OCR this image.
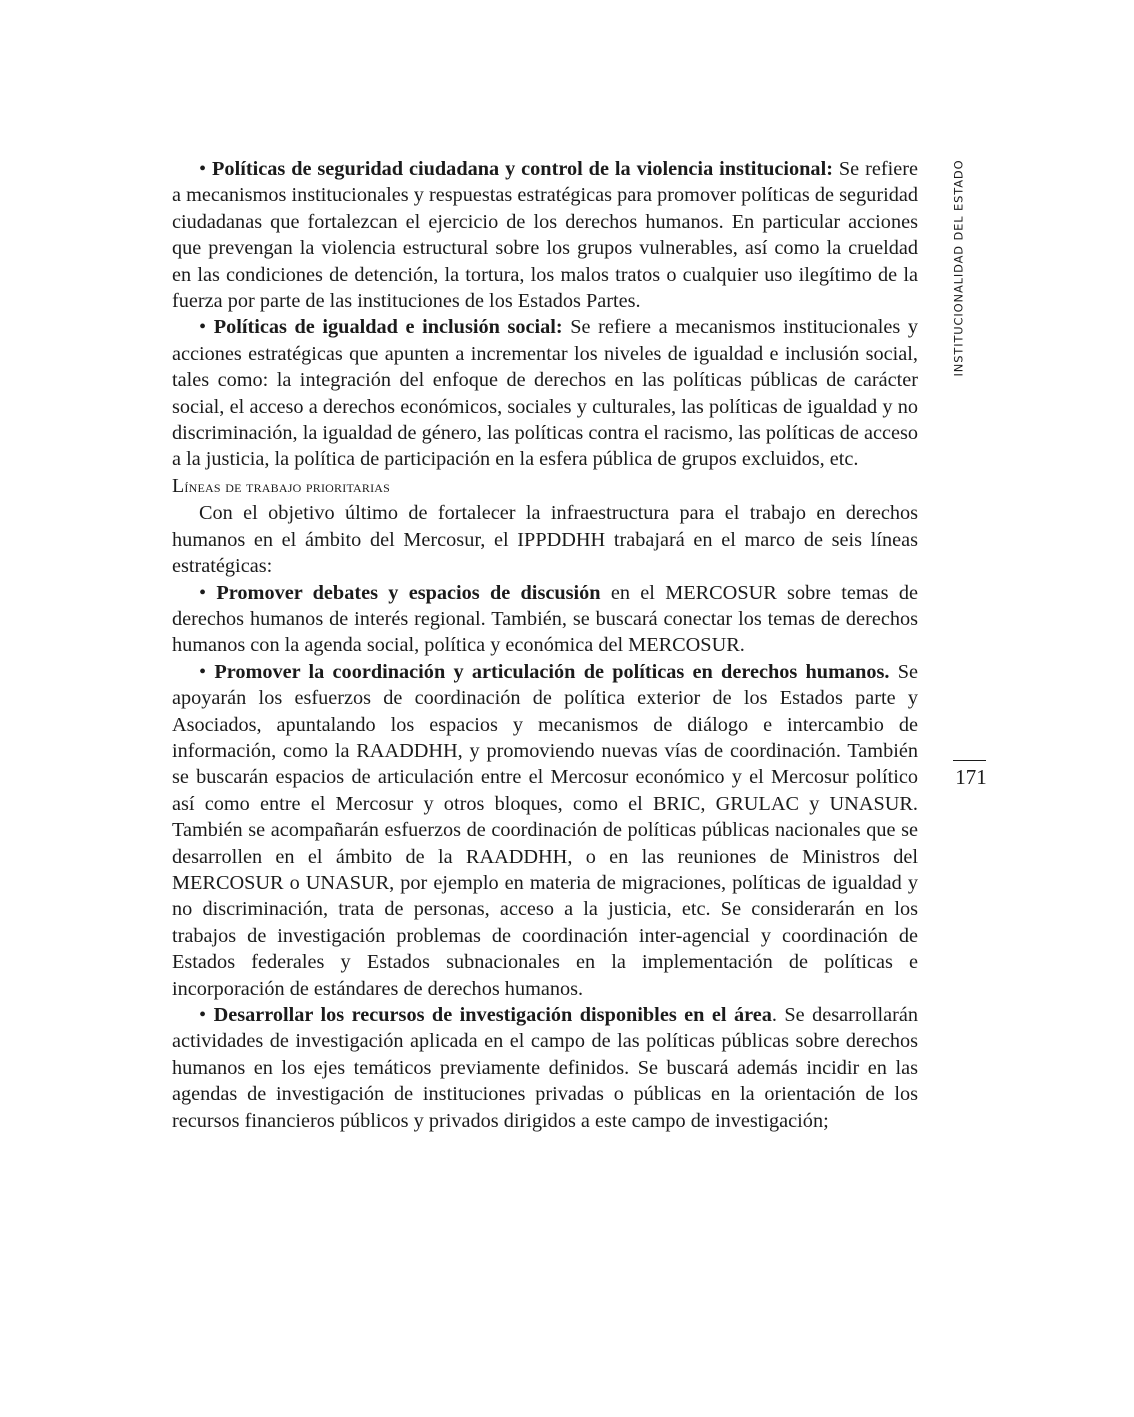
INSTITUCIONALIDAD DEL ESTADO
171

• Políticas de seguridad ciudadana y control de la violencia institucional: Se refiere a mecanismos institucionales y respuestas estratégicas para promover políticas de seguridad ciudadanas que fortalezcan el ejercicio de los derechos humanos. En particular acciones que prevengan la violencia estructural sobre los grupos vulnerables, así como la crueldad en las condiciones de detención, la tortura, los malos tratos o cualquier uso ilegítimo de la fuerza por parte de las instituciones de los Estados Partes.

• Políticas de igualdad e inclusión social: Se refiere a mecanismos institucionales y acciones estratégicas que apunten a incrementar los niveles de igualdad e inclusión social, tales como: la integración del enfoque de derechos en las políticas públicas de carácter social, el acceso a derechos económicos, sociales y culturales, las políticas de igualdad y no discriminación, la igualdad de género, las políticas contra el racismo, las políticas de acceso a la justicia, la política de participación en la esfera pública de grupos excluidos, etc.

Líneas de trabajo prioritarias

Con el objetivo último de fortalecer la infraestructura para el trabajo en derechos humanos en el ámbito del Mercosur, el IPPDDHH trabajará en el marco de seis líneas estratégicas:

• Promover debates y espacios de discusión en el MERCOSUR sobre temas de derechos humanos de interés regional. También, se buscará conectar los temas de derechos humanos con la agenda social, política y económica del MERCOSUR.

• Promover la coordinación y articulación de políticas en derechos humanos. Se apoyarán los esfuerzos de coordinación de política exterior de los Estados parte y Asociados, apuntalando los espacios y mecanismos de diálogo e intercambio de información, como la RAADDHH, y promoviendo nuevas vías de coordinación. También se buscarán espacios de articulación entre el Mercosur económico y el Mercosur político así como entre el Mercosur y otros bloques, como el BRIC, GRULAC y UNASUR. También se acompañarán esfuerzos de coordinación de políticas públicas nacionales que se desarrollen en el ámbito de la RAADDHH, o en las reuniones de Ministros del MERCOSUR o UNASUR, por ejemplo en materia de migraciones, políticas de igualdad y no discriminación, trata de personas, acceso a la justicia, etc. Se considerarán en los trabajos de investigación problemas de coordinación inter-agencial y coordinación de Estados federales y Estados subnacionales en la implementación de políticas e incorporación de estándares de derechos humanos.

• Desarrollar los recursos de investigación disponibles en el área. Se desarrollarán actividades de investigación aplicada en el campo de las políticas públicas sobre derechos humanos en los ejes temáticos previamente definidos. Se buscará además incidir en las agendas de investigación de instituciones privadas o públicas en la orientación de los recursos financieros públicos y privados dirigidos a este campo de investigación;
